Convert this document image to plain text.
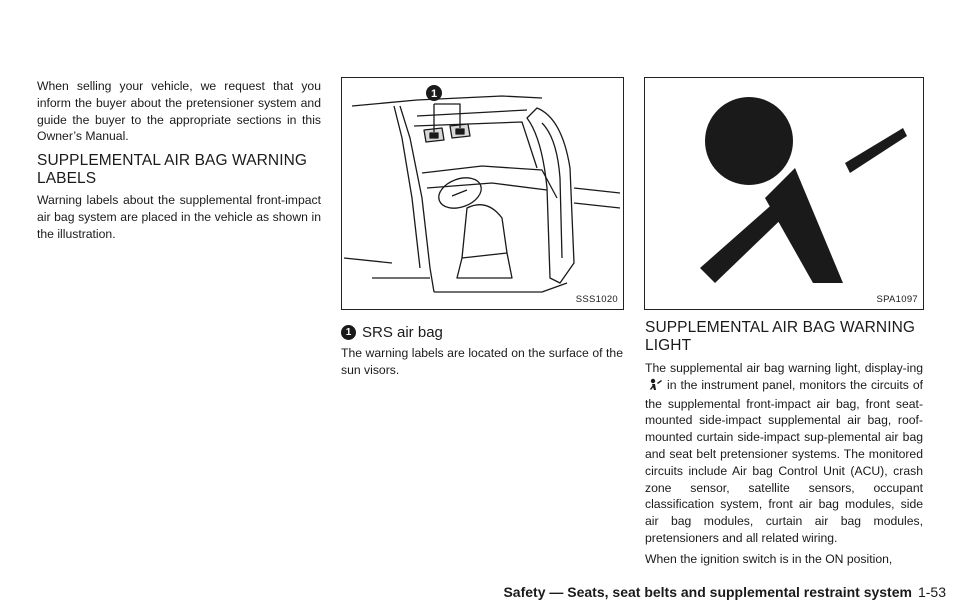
When selling your vehicle, we request that you inform the buyer about the pretensioner system and guide the buyer to the appropriate sections in this Owner’s Manual.

SUPPLEMENTAL AIR BAG WARNING LABELS

Warning labels about the supplemental front-impact air bag system are placed in the vehicle as shown in the illustration.

1
SSS1020
1 SRS air bag

The warning labels are located on the surface of the sun visors.

SPA1097
SUPPLEMENTAL AIR BAG WARNING LIGHT

The supplemental air bag warning light, display-ingin the instrument panel, monitors the circuits of the supplemental front-impact air bag, front seat-mounted side-impact supplemental air bag, roof-mounted curtain side-impact sup-plemental air bag and seat belt pretensioner systems. The monitored circuits include Air bag Control Unit (ACU), crash zone sensor, satellite sensors, occupant classification system, front air bag modules, side air bag modules, curtain air bag modules, pretensioners and all related wiring.

When the ignition switch is in the ON position,

Safety — Seats, seat belts and supplemental restraint system 1-53
